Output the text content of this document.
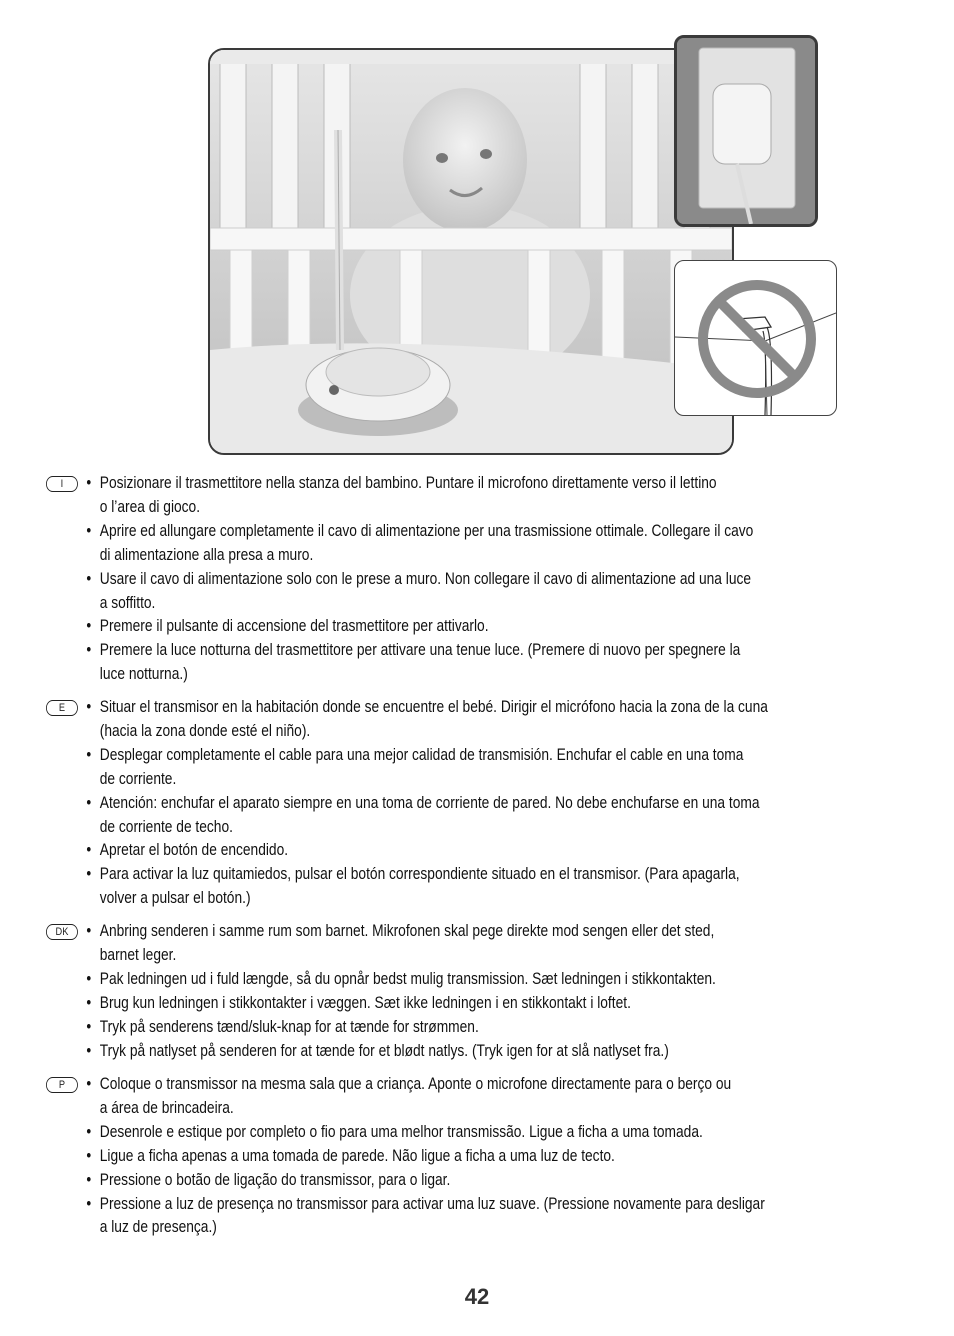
I	• Posizionare il trasmettitore nella stanza del bambino. Puntare il microfono direttamente verso il lettino
o l’area di gioco.
• Aprire ed allungare completamente il cavo di alimentazione per una trasmissione ottimale. Collegare il cavo
di alimentazione alla presa a muro.
• Usare il cavo di alimentazione solo con le prese a muro. Non collegare il cavo di alimentazione ad una luce
a soffitto.
• Premere il pulsante di accensione del trasmettitore per attivarlo.
• Premere la luce notturna del trasmettitore per attivare una tenue luce. (Premere di nuovo per spegnere la
luce notturna.)
E	• Situar el transmisor en la habitación donde se encuentre el bebé. Dirigir el micrófono hacia la zona de la cuna
(hacia la zona donde esté el niño).
• Desplegar completamente el cable para una mejor calidad de transmisión. Enchufar el cable en una toma
de corriente.
• Atención: enchufar el aparato siempre en una toma de corriente de pared. No debe enchufarse en una toma
de corriente de techo.
• Apretar el botón de encendido.
• Para activar la luz quitamiedos, pulsar el botón correspondiente situado en el transmisor. (Para apagarla,
volver a pulsar el botón.)
DK	• Anbring senderen i samme rum som barnet. Mikrofonen skal pege direkte mod sengen eller det sted,
barnet leger.
• Pak ledningen ud i fuld længde, så du opnår bedst mulig transmission. Sæt ledningen i stikkontakten.
• Brug kun ledningen i stikkontakter i væggen. Sæt ikke ledningen i en stikkontakt i loftet.
• Tryk på senderens tænd/sluk-knap for at tænde for strømmen.
• Tryk på natlyset på senderen for at tænde for et blødt natlys. (Tryk igen for at slå natlyset fra.)
P	• Coloque o transmissor na mesma sala que a criança. Aponte o microfone directamente para o berço ou
a área de brincadeira.
• Desenrole e estique por completo o fio para uma melhor transmissão. Ligue a ficha a uma tomada.
• Ligue a ficha apenas a uma tomada de parede. Não ligue a ficha a uma luz de tecto.
• Pressione o botão de ligação do transmissor, para o ligar.
• Pressione a luz de presença no transmissor para activar uma luz suave. (Pressione novamente para desligar
a luz de presença.)
42
